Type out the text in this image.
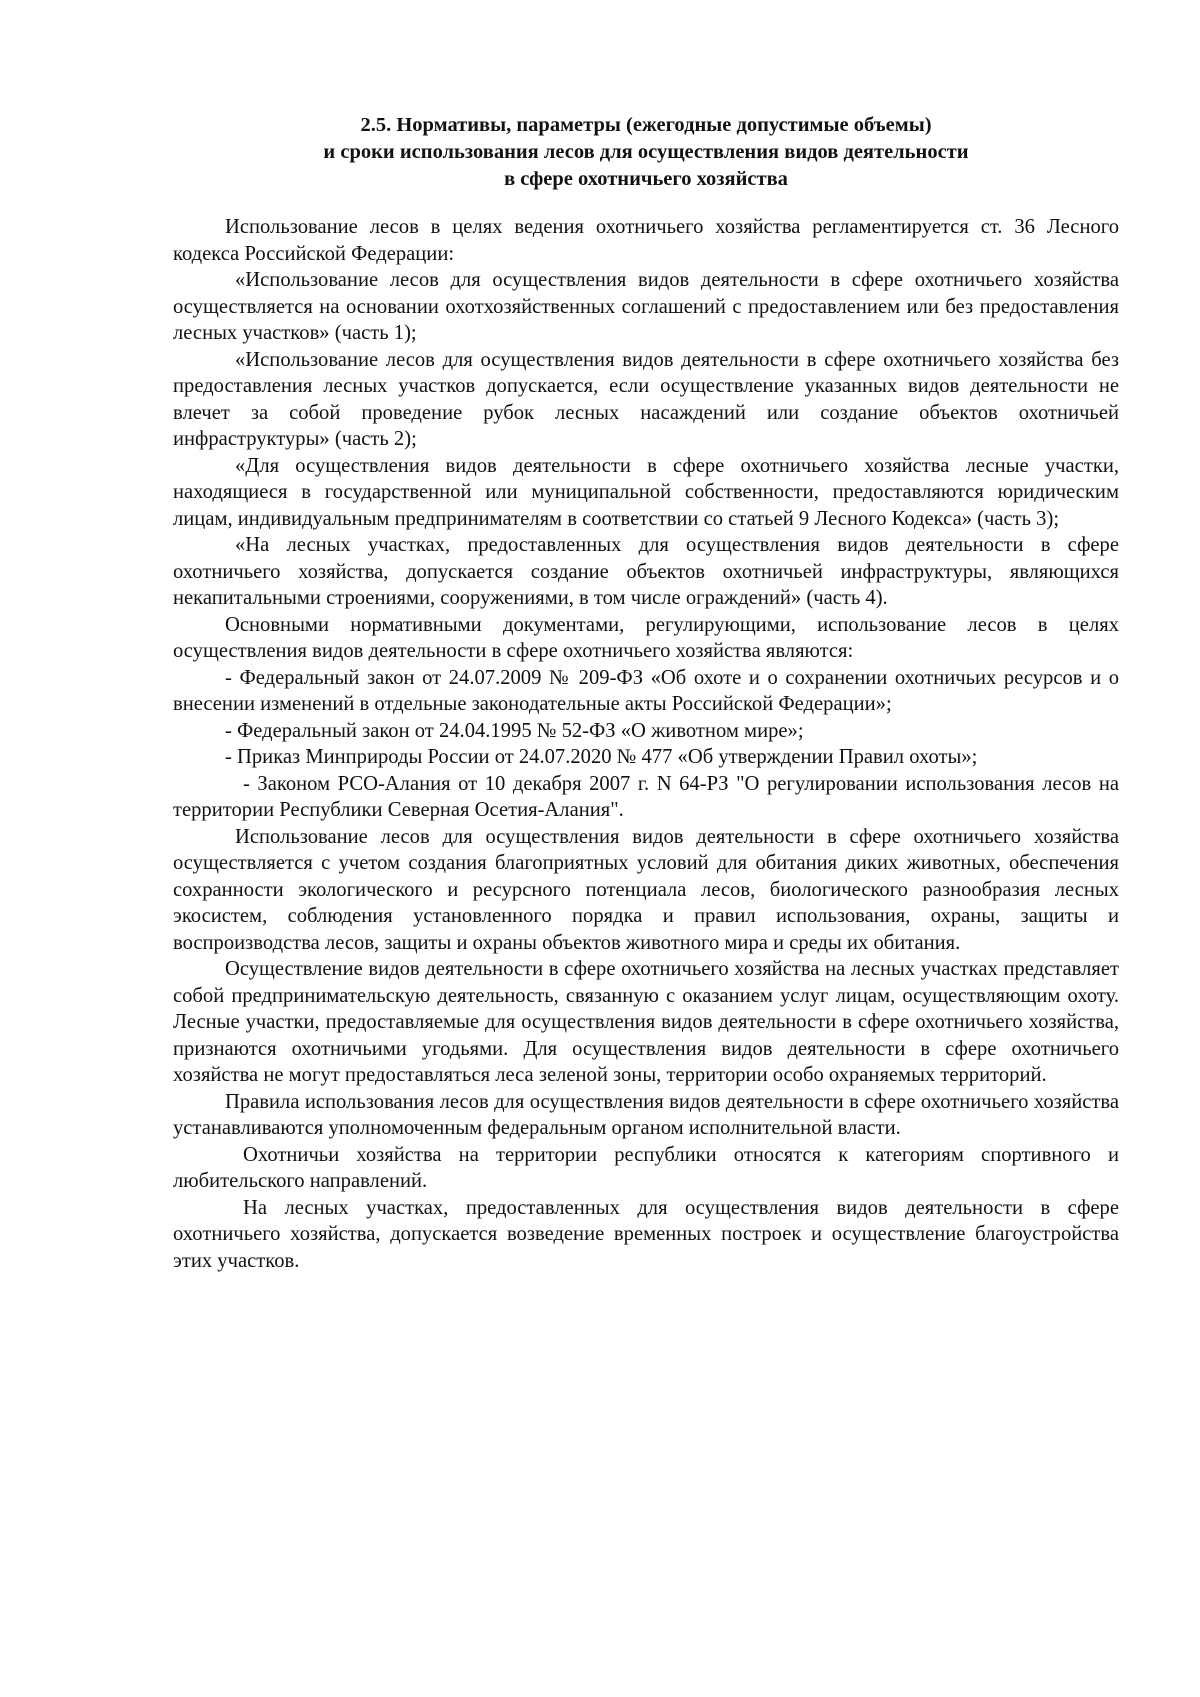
2.5. Нормативы, параметры (ежегодные допустимые объемы)
и сроки использования лесов для осуществления видов деятельности
в сфере охотничьего хозяйства

Использование лесов в целях ведения охотничьего хозяйства регламентируется ст. 36 Лесного кодекса Российской Федерации:

«Использование лесов для осуществления видов деятельности в сфере охотничьего хозяйства осуществляется на основании охотхозяйственных соглашений с предоставлением или без предоставления лесных участков» (часть 1);

«Использование лесов для осуществления видов деятельности в сфере охотничьего хозяйства без предоставления лесных участков допускается, если осуществление указанных видов деятельности не влечет за собой проведение рубок лесных насаждений или создание объектов охотничьей инфраструктуры» (часть 2);

«Для осуществления видов деятельности в сфере охотничьего хозяйства лесные участки, находящиеся в государственной или муниципальной собственности, предоставляются юридическим лицам, индивидуальным предпринимателям в соответствии со статьей 9 Лесного Кодекса» (часть 3);

«На лесных участках, предоставленных для осуществления видов деятельности в сфере охотничьего хозяйства, допускается создание объектов охотничьей инфраструктуры, являющихся некапитальными строениями, сооружениями, в том числе ограждений» (часть 4).

Основными нормативными документами, регулирующими, использование лесов в целях осуществления видов деятельности в сфере охотничьего хозяйства являются:

- Федеральный закон от 24.07.2009 № 209-ФЗ «Об охоте и о сохранении охотничьих ресурсов и о внесении изменений в отдельные законодательные акты Российской Федерации»;

- Федеральный закон от 24.04.1995 № 52-ФЗ «О животном мире»;

- Приказ Минприроды России от 24.07.2020 № 477 «Об утверждении Правил охоты»;

- Законом РСО-Алания от 10 декабря 2007 г. N 64-РЗ "О регулировании использования лесов на территории Республики Северная Осетия-Алания".

Использование лесов для осуществления видов деятельности в сфере охотничьего хозяйства осуществляется с учетом создания благоприятных условий для обитания диких животных, обеспечения сохранности экологического и ресурсного потенциала лесов, биологического разнообразия лесных экосистем, соблюдения установленного порядка и правил использования, охраны, защиты и воспроизводства лесов, защиты и охраны объектов животного мира и среды их обитания.

Осуществление видов деятельности в сфере охотничьего хозяйства на лесных участках представляет собой предпринимательскую деятельность, связанную с оказанием услуг лицам, осуществляющим охоту. Лесные участки, предоставляемые для осуществления видов деятельности в сфере охотничьего хозяйства, признаются охотничьими угодьями. Для осуществления видов деятельности в сфере охотничьего хозяйства не могут предоставляться леса зеленой зоны, территории особо охраняемых территорий.

Правила использования лесов для осуществления видов деятельности в сфере охотничьего хозяйства устанавливаются уполномоченным федеральным органом исполнительной власти.

Охотничьи хозяйства на территории республики относятся к категориям спортивного и любительского направлений.

На лесных участках, предоставленных для осуществления видов деятельности в сфере охотничьего хозяйства, допускается возведение временных построек и осуществление благоустройства этих участков.
